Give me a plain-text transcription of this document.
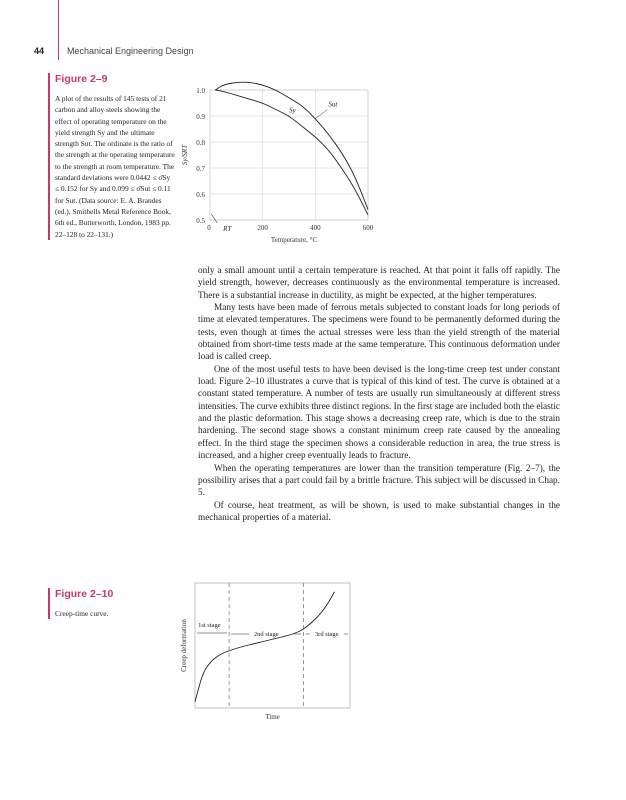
44	Mechanical Engineering Design
Figure 2–9

A plot of the results of 145 tests of 21 carbon and alloy steels showing the effect of operating temperature on the yield strength Sy and the ultimate strength Sut. The ordinate is the ratio of the strength at the operating temperature to the strength at room temperature. The standard deviations were 0.0442 ≤ σ̂Sy ≤ 0.152 for Sy and 0.099 ≤ σ̂Sut ≤ 0.11 for Sut. (Data source: E. A. Brandes (ed.), Smithells Metal Reference Book, 6th ed., Butterworth, London, 1983 pp. 22–128 to 22–131.)

0.5
0.6
0.7
0.8
0.9
1.0
0	200	400	600
RT
Temperature, °C
Sy/SRT
Sut
Sy

only a small amount until a certain temperature is reached. At that point it falls off rapidly. The yield strength, however, decreases continuously as the environmental temperature is increased. There is a substantial increase in ductility, as might be expected, at the higher temperatures.

Many tests have been made of ferrous metals subjected to constant loads for long periods of time at elevated temperatures. The specimens were found to be permanently deformed during the tests, even though at times the actual stresses were less than the yield strength of the material obtained from short-time tests made at the same temperature. This continuous deformation under load is called creep.

One of the most useful tests to have been devised is the long-time creep test under constant load. Figure 2–10 illustrates a curve that is typical of this kind of test. The curve is obtained at a constant stated temperature. A number of tests are usually run simultaneously at different stress intensities. The curve exhibits three distinct regions. In the first stage are included both the elastic and the plastic deformation. This stage shows a decreasing creep rate, which is due to the strain hardening. The second stage shows a constant minimum creep rate caused by the annealing effect. In the third stage the specimen shows a considerable reduction in area, the true stress is increased, and a higher creep eventually leads to fracture.

When the operating temperatures are lower than the transition temperature (Fig. 2–7), the possibility arises that a part could fail by a brittle fracture. This subject will be discussed in Chap. 5.

Of course, heat treatment, as will be shown, is used to make substantial changes in the mechanical properties of a material.

Figure 2–10

Creep-time curve.

Creep deformation
Time
1st stage
2nd stage	3rd stage
